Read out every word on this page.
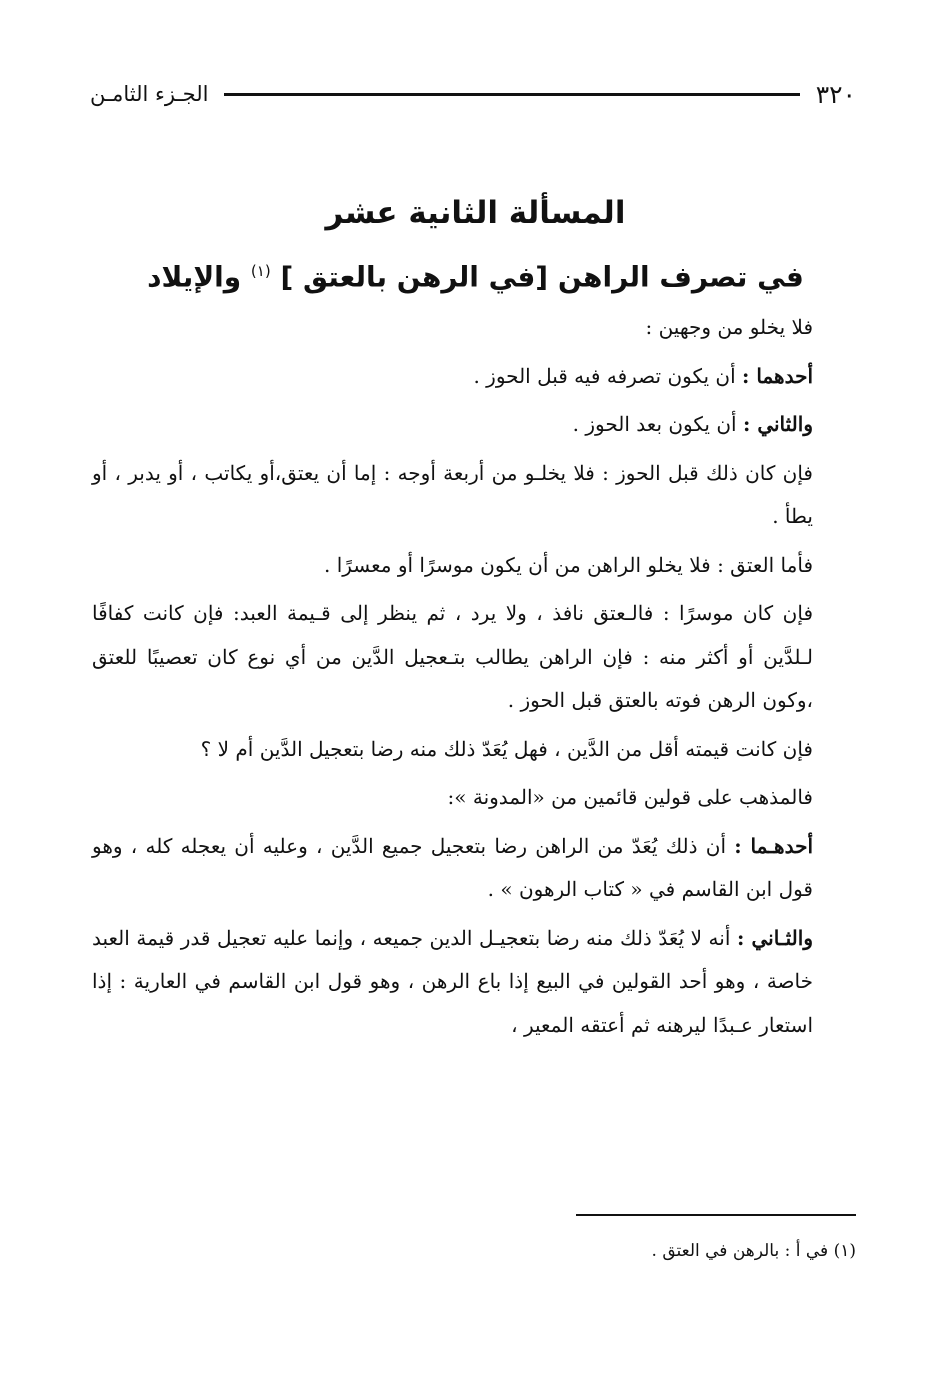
٣٢٠
الجـزء الثامـن
المسألة الثانية عشر
في تصرف الراهن [في الرهن بالعتق ] $^{(١)}$ والإيلاد

فلا يخلو من وجهين :

أحدهما : أن يكون تصرفه فيه قبل الحوز .

والثاني : أن يكون بعد الحوز .

فإن كان ذلك قبل الحوز : فلا يخلـو من أربعة أوجه : إما أن يعتق،أو يكاتب ، أو يدبر ، أو يطأ .

فأما العتق : فلا يخلو الراهن من أن يكون موسرًا أو معسرًا .

فإن كان موسرًا : فالـعتق نافذ ، ولا يرد ، ثم ينظر إلى قـيمة العبد: فإن كانت كفافًا لـلدَّين أو أكثر منه : فإن الراهن يطالب بتـعجيل الدَّين من أي نوع كان تعصيبًا للعتق ،وكون الرهن فوته بالعتق قبل الحوز .

فإن كانت قيمته أقل من الدَّين ، فهل يُعَدّ ذلك منه رضا بتعجيل الدَّين أم لا ؟

فالمذهب على قولين قائمين من «المدونة »:

أحدهـما : أن ذلك يُعَدّ من الراهن رضا بتعجيل جميع الدَّين ، وعليه أن يعجله كله ، وهو قول ابن القاسم في « كتاب الرهون » .

والثـاني : أنه لا يُعَدّ ذلك منه رضا بتعجيـل الدين جميعه ، وإنما عليه تعجيل قدر قيمة العبد خاصة ، وهو أحد القولين في البيع إذا باع الرهن ، وهو قول ابن القاسم في العارية : إذا استعار عـبدًا ليرهنه ثم أعتقه المعير ،

(١) في أ : بالرهن في العتق .
